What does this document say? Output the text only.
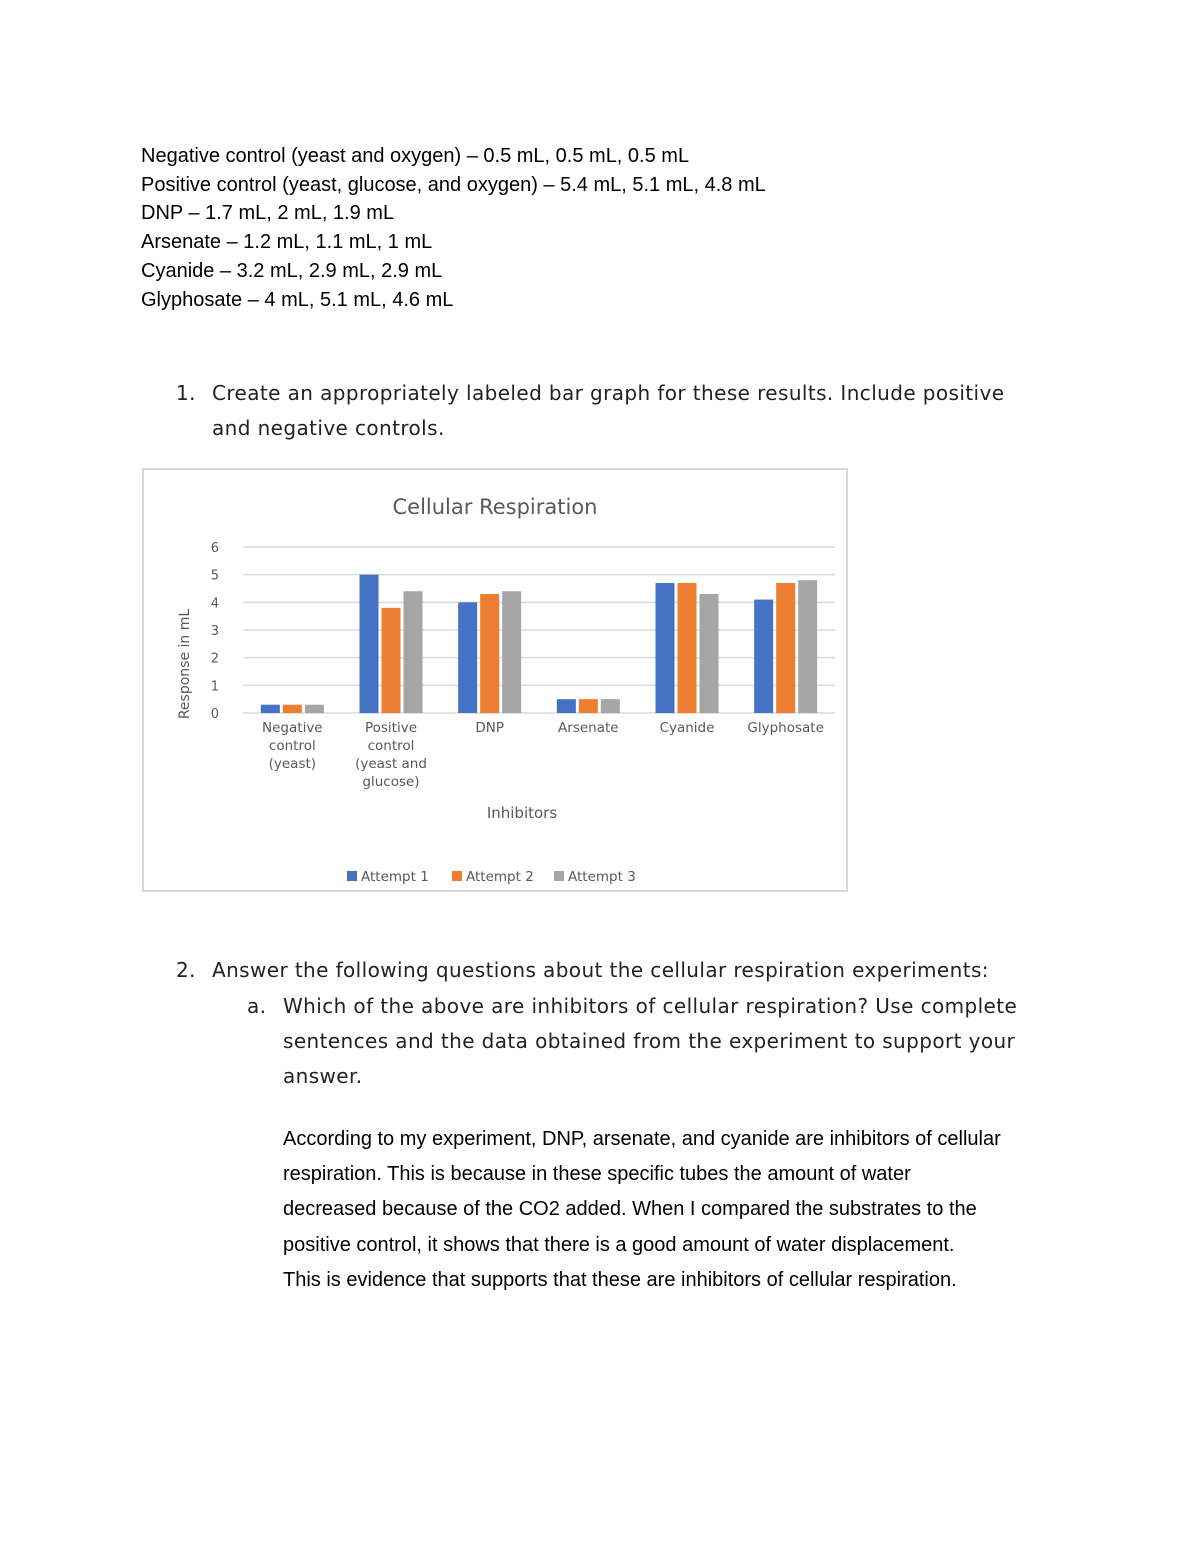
Negative control (yeast and oxygen) – 0.5 mL, 0.5 mL, 0.5 mL
Positive control (yeast, glucose, and oxygen) – 5.4 mL, 5.1 mL, 4.8 mL
DNP – 1.7 mL, 2 mL, 1.9 mL
Arsenate – 1.2 mL, 1.1 mL, 1 mL
Cyanide – 3.2 mL, 2.9 mL, 2.9 mL
Glyphosate – 4 mL, 5.1 mL, 4.6 mL
1. Create an appropriately labeled bar graph for these results. Include positive
and negative controls.
Cellular Respiration
Response in mL
Inhibitors
0
1
2
3
4
5
6
Negative control (yeast)
Positive control (yeast and glucose)
DNP	Arsenate	Cyanide Glyphosate
Attempt 1	Attempt 2	Attempt 3
2. Answer the following questions about the cellular respiration experiments:
a. Which of the above are inhibitors of cellular respiration? Use complete
sentences and the data obtained from the experiment to support your
answer.
According to my experiment, DNP, arsenate, and cyanide are inhibitors of cellular
respiration. This is because in these specific tubes the amount of water
decreased because of the CO2 added. When I compared the substrates to the
positive control, it shows that there is a good amount of water displacement.
This is evidence that supports that these are inhibitors of cellular respiration.
